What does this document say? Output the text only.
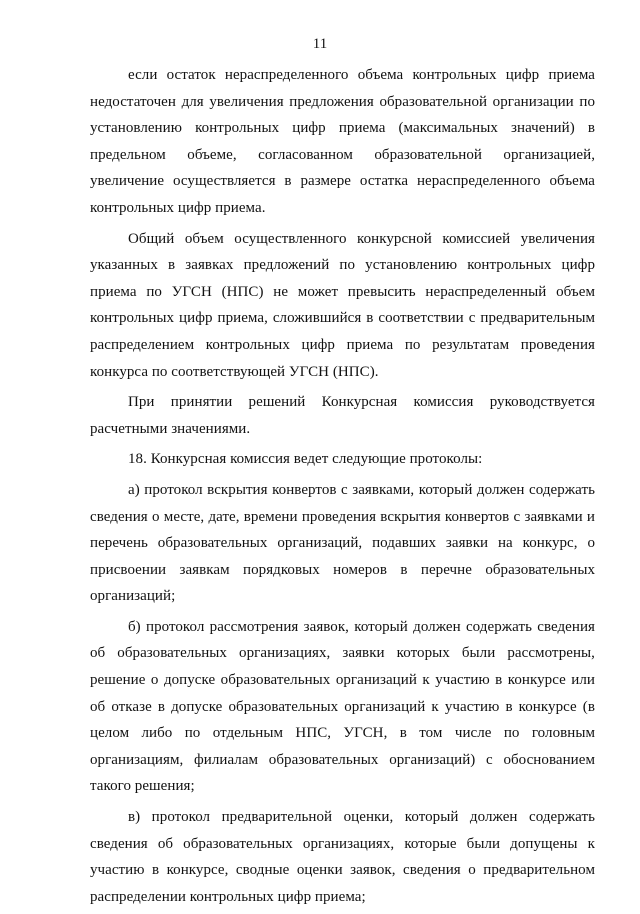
11

если остаток нераспределенного объема контрольных цифр приема недостаточен для увеличения предложения образовательной организации по установлению контрольных цифр приема (максимальных значений) в предельном объеме, согласованном образовательной организацией, увеличение осуществляется в размере остатка нераспределенного объема контрольных цифр приема.

Общий объем осуществленного конкурсной комиссией увеличения указанных в заявках предложений по установлению контрольных цифр приема по УГСН (НПС) не может превысить нераспределенный объем контрольных цифр приема, сложившийся в соответствии с предварительным распределением контрольных цифр приема по результатам проведения конкурса по соответствующей УГСН (НПС).

При принятии решений Конкурсная комиссия руководствуется расчетными значениями.

18. Конкурсная комиссия ведет следующие протоколы:

а) протокол вскрытия конвертов с заявками, который должен содержать сведения о месте, дате, времени проведения вскрытия конвертов с заявками и перечень образовательных организаций, подавших заявки на конкурс, о присвоении заявкам порядковых номеров в перечне образовательных организаций;

б) протокол рассмотрения заявок, который должен содержать сведения об образовательных организациях, заявки которых были рассмотрены, решение о допуске образовательных организаций к участию в конкурсе или об отказе в допуске образовательных организаций к участию в конкурсе (в целом либо по отдельным НПС, УГСН, в том числе по головным организациям, филиалам образовательных организаций) с обоснованием такого решения;

в) протокол предварительной оценки, который должен содержать сведения об образовательных организациях, которые были допущены к участию в конкурсе, сводные оценки заявок, сведения о предварительном распределении контрольных цифр приема;
